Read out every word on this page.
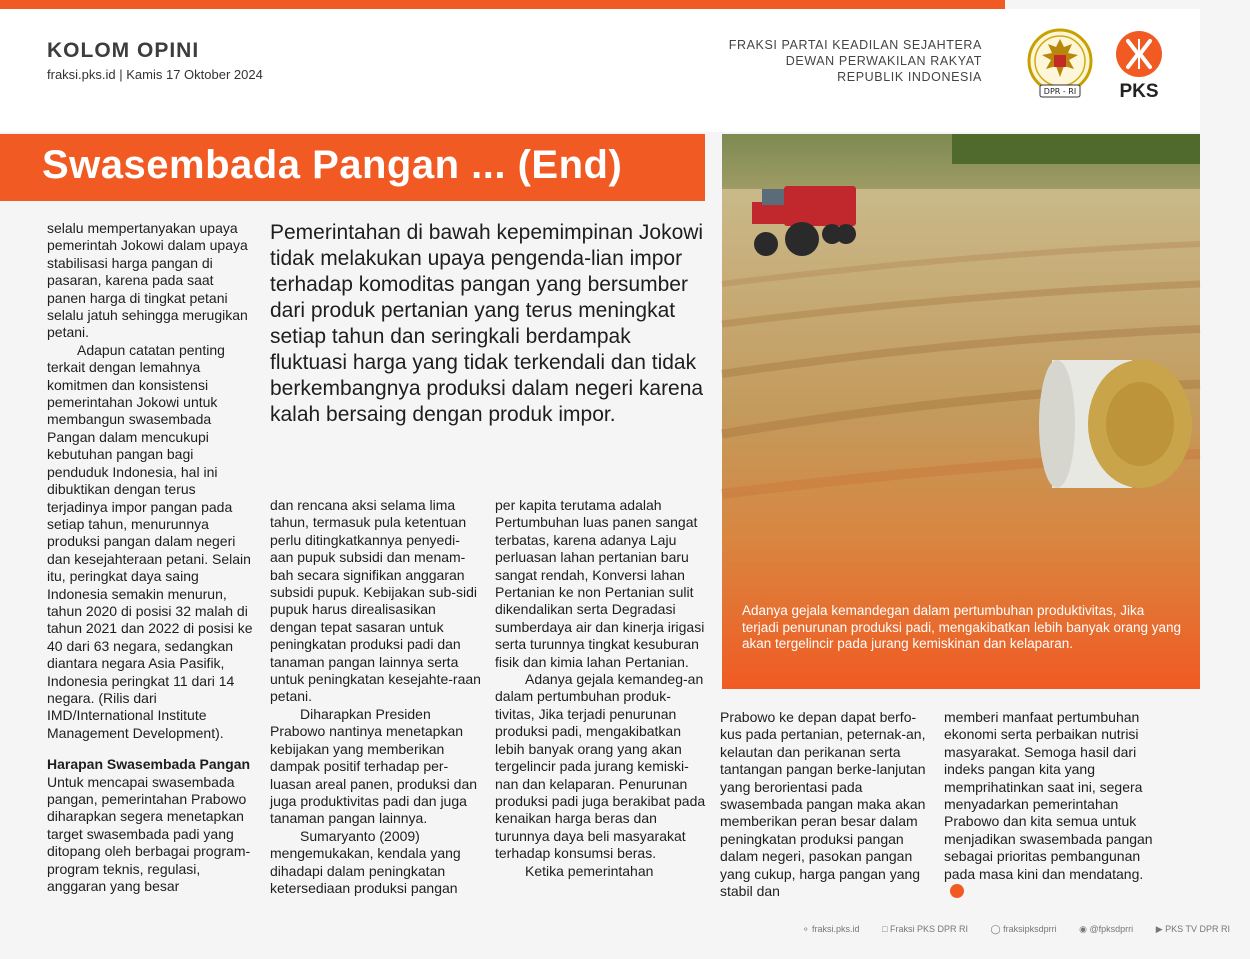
KOLOM OPINI
fraksi.pks.id | Kamis 17 Oktober 2024
FRAKSI PARTAI KEADILAN SEJAHTERA
DEWAN PERWAKILAN RAKYAT
REPUBLIK INDONESIA
DPR - RI	PKS
Swasembada Pangan ... (End)
Adanya gejala kemandegan dalam pertumbuhan produktivitas, Jika terjadi penurunan produksi padi, mengakibatkan lebih banyak orang yang akan tergelincir pada jurang kemiskinan dan kelaparan.
Pemerintahan di bawah kepemimpinan Jokowi tidak melakukan upaya pengenda-lian impor terhadap komoditas pangan yang bersumber dari produk pertanian yang terus meningkat setiap tahun dan seringkali berdampak fluktuasi harga yang tidak terkendali dan tidak berkembangnya produksi dalam negeri karena kalah bersaing dengan produk impor.

selalu mempertanyakan upaya pemerintah Jokowi dalam upaya stabilisasi harga pangan di pasaran, karena pada saat panen harga di tingkat petani selalu jatuh sehingga merugikan petani.

Adapun catatan penting terkait dengan lemahnya komitmen dan konsistensi pemerintahan Jokowi untuk membangun swasembada Pangan dalam mencukupi kebutuhan pangan bagi penduduk Indonesia, hal ini dibuktikan dengan terus terjadinya impor pangan pada setiap tahun, menurunnya produksi pangan dalam negeri dan kesejahteraan petani. Selain itu, peringkat daya saing Indonesia semakin menurun, tahun 2020 di posisi 32 malah di tahun 2021 dan 2022 di posisi ke 40 dari 63 negara, sedangkan diantara negara Asia Pasifik, Indonesia peringkat 11 dari 14 negara. (Rilis dari IMD/International Institute Management Development).

Harapan Swasembada Pangan

Untuk mencapai swasembada pangan, pemerintahan Prabowo diharapkan segera menetapkan target swasembada padi yang ditopang oleh berbagai program-program teknis, regulasi, anggaran yang besar

dan rencana aksi selama lima tahun, termasuk pula ketentuan perlu ditingkatkannya penyedi-aan pupuk subsidi dan menam-bah secara signifikan anggaran subsidi pupuk. Kebijakan sub-sidi pupuk harus direalisasikan dengan tepat sasaran untuk peningkatan produksi padi dan tanaman pangan lainnya serta untuk peningkatan kesejahte-raan petani.

Diharapkan Presiden Prabowo nantinya menetapkan kebijakan yang memberikan dampak positif terhadap per-luasan areal panen, produksi dan juga produktivitas padi dan juga tanaman pangan lainnya.

Sumaryanto (2009) mengemukakan, kendala yang dihadapi dalam peningkatan ketersediaan produksi pangan

per kapita terutama adalah Pertumbuhan luas panen sangat terbatas, karena adanya Laju perluasan lahan pertanian baru sangat rendah, Konversi lahan Pertanian ke non Pertanian sulit dikendalikan serta Degradasi sumberdaya air dan kinerja irigasi serta turunnya tingkat kesuburan fisik dan kimia lahan Pertanian.

Adanya gejala kemandeg-an dalam pertumbuhan produk-tivitas, Jika terjadi penurunan produksi padi, mengakibatkan lebih banyak orang yang akan tergelincir pada jurang kemiski-nan dan kelaparan. Penurunan produksi padi juga berakibat pada kenaikan harga beras dan turunnya daya beli masyarakat terhadap konsumsi beras.

Ketika pemerintahan

Prabowo ke depan dapat berfo-kus pada pertanian, peternak-an, kelautan dan perikanan serta tantangan pangan berke-lanjutan yang berorientasi pada swasembada pangan maka akan memberikan peran besar dalam peningkatan produksi pangan dalam negeri, pasokan pangan yang cukup, harga pangan yang stabil dan

memberi manfaat pertumbuhan ekonomi serta perbaikan nutrisi masyarakat. Semoga hasil dari indeks pangan kita yang memprihatinkan saat ini, segera menyadarkan pemerintahan Prabowo dan kita semua untuk menjadikan swasembada pangan sebagai prioritas pembangunan pada masa kini dan mendatang.

⚬ fraksi.pks.id	□ Fraksi PKS DPR RI	◯ fraksipksdprri	◉ @fpksdprri	▶ PKS TV DPR RI
